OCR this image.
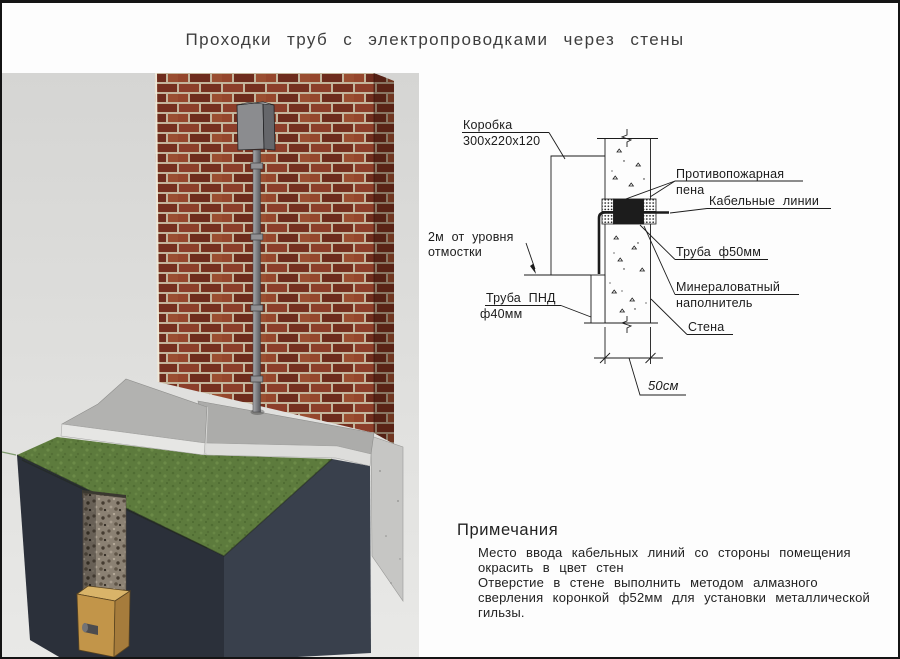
Проходки труб с электропроводками через стены
Коробка
300х220х120
2м от уровня
отмостки
Труба ПНД
ф40мм
Противопожарная
пена
Кабельные линии
Труба ф50мм
Минераловатный
наполнитель
Стена
50см
Примечания
Место ввода кабельных линий со стороны помещения
окрасить в цвет стен
Отверстие в стене выполнить методом алмазного
сверления коронкой ф52мм для установки металлической
гильзы.
